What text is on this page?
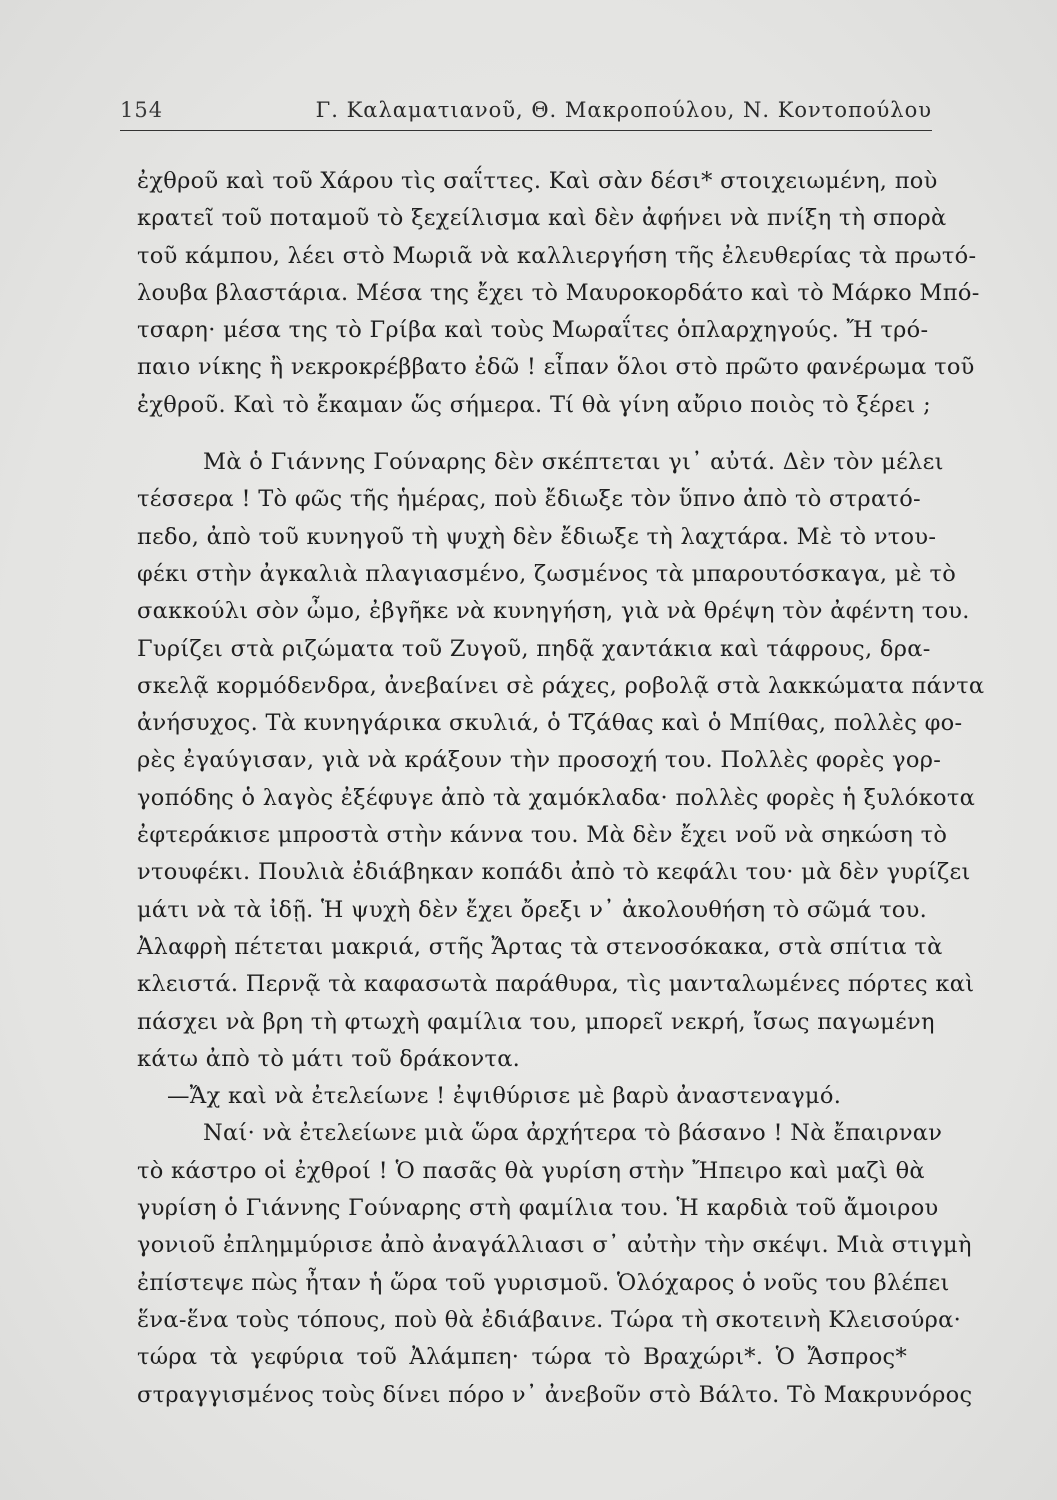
154	Γ. Καλαματιανοῦ, Θ. Μακροπούλου, Ν. Κοντοπούλου
ἐχθροῦ καὶ τοῦ Χάρου τὶς σαΐττες. Καὶ σὰν δέσι* στοιχειωμένη, ποὺ
κρατεῖ τοῦ ποταμοῦ τὸ ξεχείλισμα καὶ δὲν ἀφήνει νὰ πνίξη τὴ σπορὰ
τοῦ κάμπου, λέει στὸ Μωριᾶ νὰ καλλιεργήση τῆς ἐλευθερίας τὰ πρωτό-
λουβα βλαστάρια. Μέσα της ἔχει τὸ Μαυροκορδάτο καὶ τὸ Μάρκο Μπό-
τσαρη· μέσα της τὸ Γρίβα καὶ τοὺς Μωραΐτες ὁπλαρχηγούς. Ἤ τρό-
παιο νίκης ἢ νεκροκρέββατο ἐδῶ ! εἶπαν ὅλοι στὸ πρῶτο φανέρωμα τοῦ
ἐχθροῦ. Καὶ τὸ ἔκαμαν ὥς σήμερα. Τί θὰ γίνη αὔριο ποιὸς τὸ ξέρει ;
Μὰ ὁ Γιάννης Γούναρης δὲν σκέπτεται γι᾽ αὐτά. Δὲν τὸν μέλει
τέσσερα ! Τὸ φῶς τῆς ἡμέρας, ποὺ ἔδιωξε τὸν ὕπνο ἀπὸ τὸ στρατό-
πεδο, ἀπὸ τοῦ κυνηγοῦ τὴ ψυχὴ δὲν ἔδιωξε τὴ λαχτάρα. Μὲ τὸ ντου-
φέκι στὴν ἀγκαλιὰ πλαγιασμένο, ζωσμένος τὰ μπαρουτόσκαγα, μὲ τὸ
σακκούλι σὸν ὦμο, ἐβγῆκε νὰ κυνηγήση, γιὰ νὰ θρέψη τὸν ἀφέντη του.
Γυρίζει στὰ ριζώματα τοῦ Ζυγοῦ, πηδᾷ χαντάκια καὶ τάφρους, δρα-
σκελᾷ κορμόδενδρα, ἀνεβαίνει σὲ ράχες, ροβολᾷ στὰ λακκώματα πάντα
ἀνήσυχος. Τὰ κυνηγάρικα σκυλιά, ὁ Τζάθας καὶ ὁ Μπίθας, πολλὲς φο-
ρὲς ἐγαύγισαν, γιὰ νὰ κράξουν τὴν προσοχή του. Πολλὲς φορὲς γορ-
γοπόδης ὁ λαγὸς ἐξέφυγε ἀπὸ τὰ χαμόκλαδα· πολλὲς φορὲς ἡ ξυλόκοτα
ἐφτεράκισε μπροστὰ στὴν κάννα του. Μὰ δὲν ἔχει νοῦ νὰ σηκώση τὸ
ντουφέκι. Πουλιὰ ἐδιάβηκαν κοπάδι ἀπὸ τὸ κεφάλι του· μὰ δὲν γυρίζει
μάτι νὰ τὰ ἰδῇ. Ἡ ψυχὴ δὲν ἔχει ὄρεξι ν᾽ ἀκολουθήση τὸ σῶμά του.
Ἀλαφρὴ πέτεται μακριά, στῆς Ἄρτας τὰ στενοσόκακα, στὰ σπίτια τὰ
κλειστά. Περνᾷ τὰ καφασωτὰ παράθυρα, τὶς μανταλωμένες πόρτες καὶ
πάσχει νὰ βρη τὴ φτωχὴ φαμίλια του, μπορεῖ νεκρή, ἴσως παγωμένη
κάτω ἀπὸ τὸ μάτι τοῦ δράκοντα.
—Ἄχ καὶ νὰ ἐτελείωνε ! ἐψιθύρισε μὲ βαρὺ ἀναστεναγμό.
Ναί· νὰ ἐτελείωνε μιὰ ὥρα ἀρχήτερα τὸ βάσανο ! Νὰ ἔπαιρναν
τὸ κάστρο οἱ ἐχθροί ! Ὁ πασᾶς θὰ γυρίση στὴν Ἤπειρο καὶ μαζὶ θὰ
γυρίση ὁ Γιάννης Γούναρης στὴ φαμίλια του. Ἡ καρδιὰ τοῦ ἄμοιρου
γονιοῦ ἐπλημμύρισε ἀπὸ ἀναγάλλιασι σ᾽ αὐτὴν τὴν σκέψι. Μιὰ στιγμὴ
ἐπίστεψε πὼς ἦταν ἡ ὥρα τοῦ γυρισμοῦ. Ὁλόχαρος ὁ νοῦς του βλέπει
ἕνα-ἕνα τοὺς τόπους, ποὺ θὰ ἐδιάβαινε. Τώρα τὴ σκοτεινὴ Κλεισούρα·
τώρα τὰ γεφύρια τοῦ Ἀλάμπεη· τώρα τὸ Βραχώρι*. Ὁ Ἄσπρος*
στραγγισμένος τοὺς δίνει πόρο ν᾽ ἀνεβοῦν στὸ Βάλτο. Τὸ Μακρυνόρος
